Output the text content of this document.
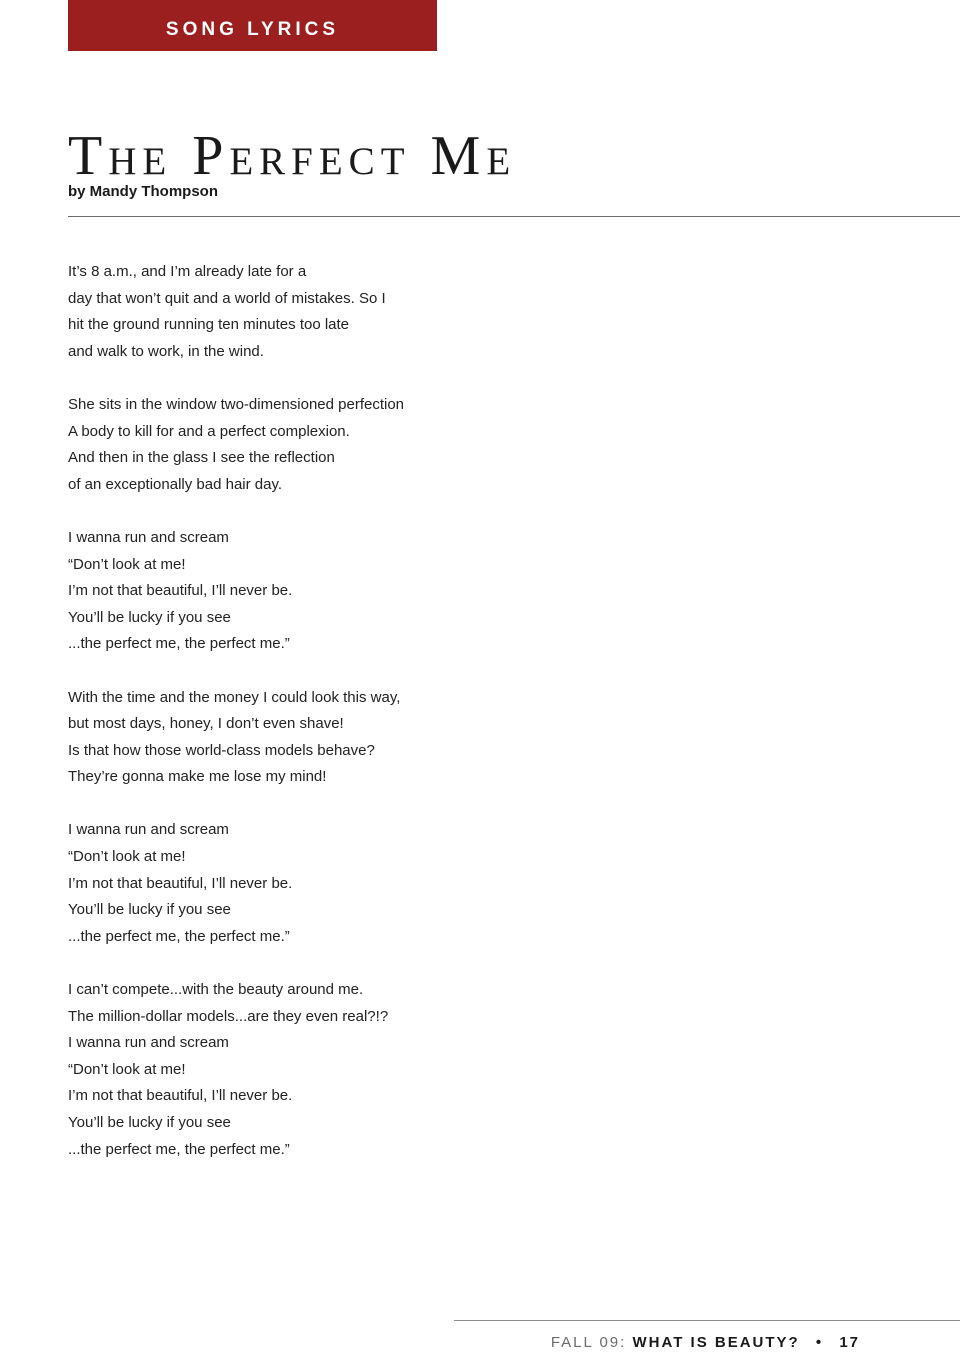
SONG LYRICS
The Perfect Me
by Mandy Thompson
It’s 8 a.m., and I’m already late for a
day that won’t quit and a world of mistakes. So I
hit the ground running ten minutes too late
and walk to work, in the wind.
She sits in the window two-dimensioned perfection
A body to kill for and a perfect complexion.
And then in the glass I see the reflection
of an exceptionally bad hair day.
I wanna run and scream
“Don’t look at me!
I’m not that beautiful, I’ll never be.
You’ll be lucky if you see
...the perfect me, the perfect me.”
With the time and the money I could look this way,
but most days, honey, I don’t even shave!
Is that how those world-class models behave?
They’re gonna make me lose my mind!
I wanna run and scream
“Don’t look at me!
I’m not that beautiful, I’ll never be.
You’ll be lucky if you see
...the perfect me, the perfect me.”
I can’t compete...with the beauty around me.
The million-dollar models...are they even real?!?
I wanna run and scream
“Don’t look at me!
I’m not that beautiful, I’ll never be.
You’ll be lucky if you see
...the perfect me, the perfect me.”
FALL 09: WHAT IS BEAUTY? • 17
